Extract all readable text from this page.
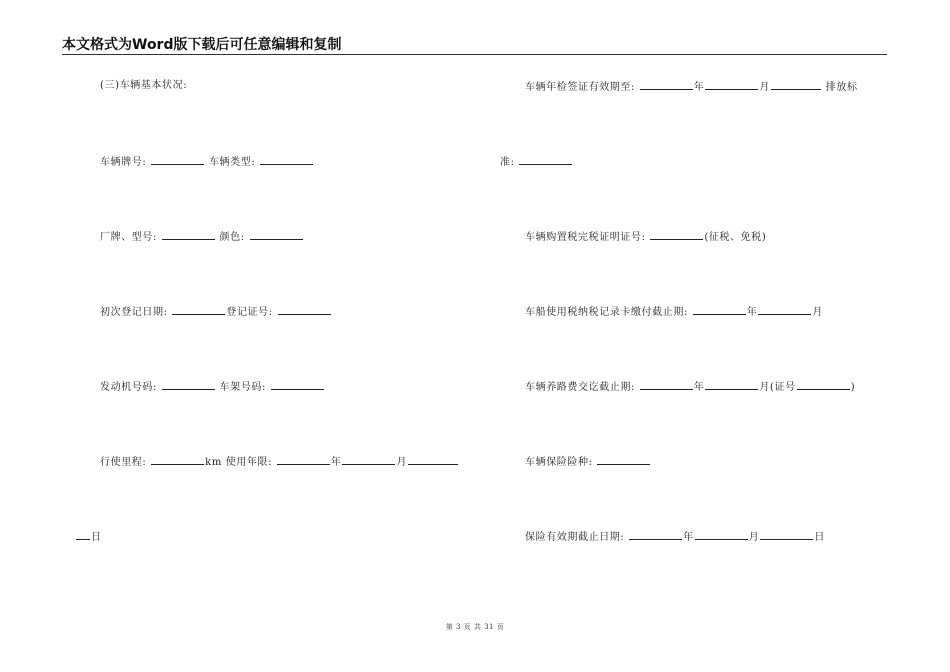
本文格式为Word版下载后可任意编辑和复制
(三)车辆基本状况:
车辆牌号:	车辆类型:
厂牌、型号:	颜色:
初次登记日期:	登记证号:
发动机号码:	车架号码:
行使里程:	km 使用年限:	年	月
日
车辆年检签证有效期至:	年	月	排放标
准:
车辆购置税完税证明证号:	(征税、免税)
车船使用税纳税记录卡缴付截止期:	年	月
车辆养路费交讫截止期:	年	月(证号	)
车辆保险险种:
保险有效期截止日期:	年	月	日
第 3 页 共 31 页
